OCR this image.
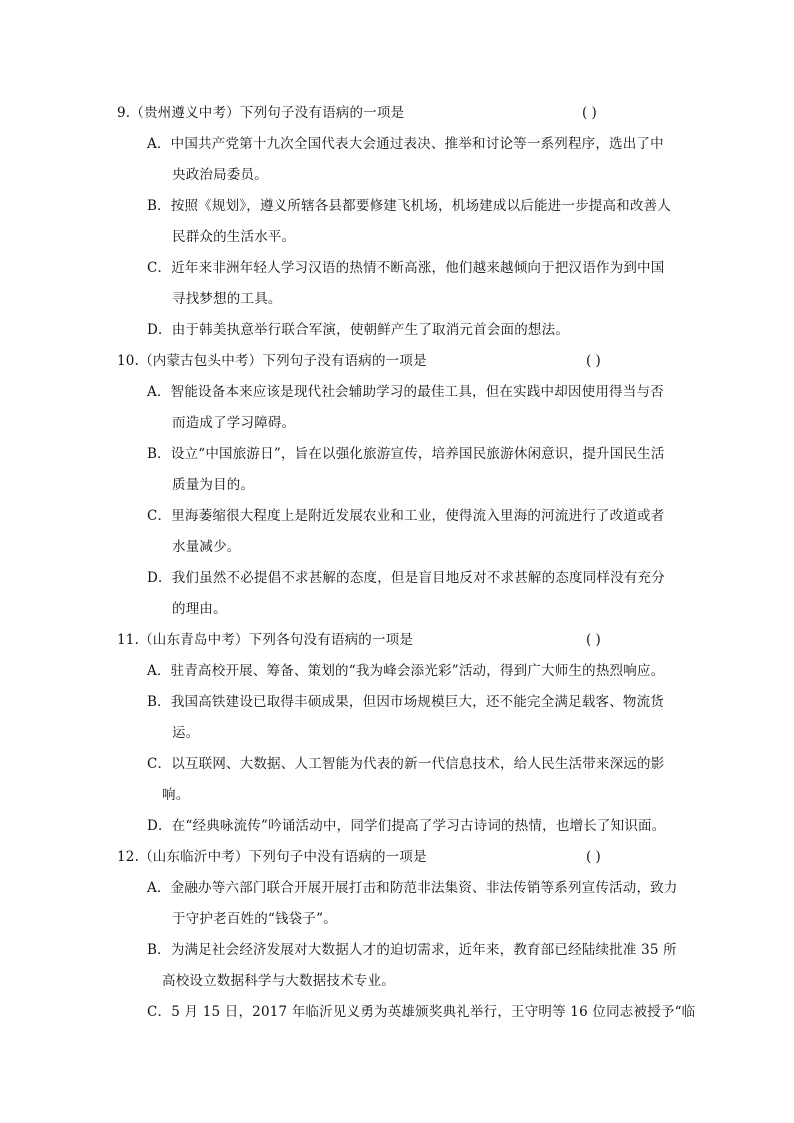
9.（贵州遵义中考）下列句子没有语病的一项是	( )
A．中国共产党第十九次全国代表大会通过表决、推举和讨论等一系列程序，选出了中
央政治局委员。
B．按照《规划》，遵义所辖各县都要修建飞机场，机场建成以后能进一步提高和改善人
民群众的生活水平。
C．近年来非洲年轻人学习汉语的热情不断高涨，他们越来越倾向于把汉语作为到中国
寻找梦想的工具。
D．由于韩美执意举行联合军演，使朝鲜产生了取消元首会面的想法。
10.（内蒙古包头中考）下列句子没有语病的一项是	( )
A．智能设备本来应该是现代社会辅助学习的最佳工具，但在实践中却因使用得当与否
而造成了学习障碍。
B．设立“中国旅游日”，旨在以强化旅游宣传，培养国民旅游休闲意识，提升国民生活
质量为目的。
C．里海萎缩很大程度上是附近发展农业和工业，使得流入里海的河流进行了改道或者
水量减少。
D．我们虽然不必提倡不求甚解的态度，但是盲目地反对不求甚解的态度同样没有充分
的理由。
11.（山东青岛中考）下列各句没有语病的一项是	( )
A．驻青高校开展、筹备、策划的“我为峰会添光彩”活动，得到广大师生的热烈响应。
B．我国高铁建设已取得丰硕成果，但因市场规模巨大，还不能完全满足载客、物流货
运。
C．以互联网、大数据、人工智能为代表的新一代信息技术，给人民生活带来深远的影
响。
D．在“经典咏流传”吟诵活动中，同学们提高了学习古诗词的热情，也增长了知识面。
12.（山东临沂中考）下列句子中没有语病的一项是	( )
A．金融办等六部门联合开展开展打击和防范非法集资、非法传销等系列宣传活动，致力
于守护老百姓的“钱袋子”。
B．为满足社会经济发展对大数据人才的迫切需求，近年来，教育部已经陆续批准 35 所
高校设立数据科学与大数据技术专业。
C．5 月 15 日，2017 年临沂见义勇为英雄颁奖典礼举行，王守明等 16 位同志被授予“临
